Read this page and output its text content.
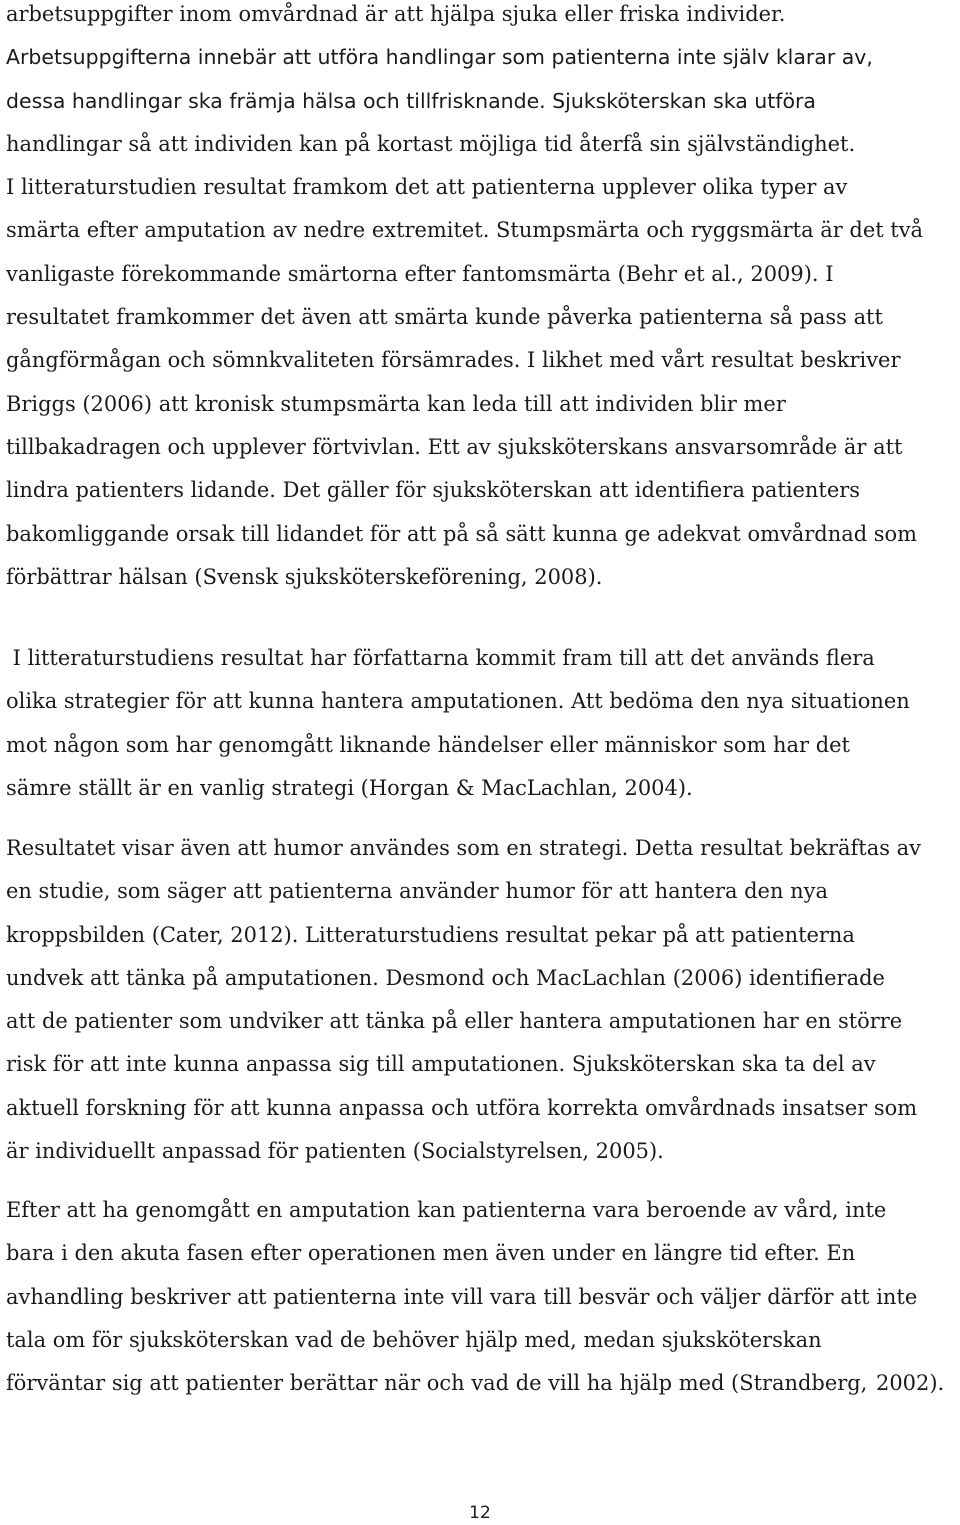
arbetsuppgifter inom omvårdnad är att hjälpa sjuka eller friska individer. Arbetsuppgifterna innebär att utföra handlingar som patienterna inte själv klarar av, dessa handlingar ska främja hälsa och tillfrisknande. Sjuksköterskan ska utföra handlingar så att individen kan på kortast möjliga tid återfå sin självständighet. I litteraturstudien resultat framkom det att patienterna upplever olika typer av smärta efter amputation av nedre extremitet. Stumpsmärta och ryggsmärta är det två vanligaste förekommande smärtorna efter fantomsmärta (Behr et al., 2009). I resultatet framkommer det även att smärta kunde påverka patienterna så pass att gångförmågan och sömnkvaliteten försämrades. I likhet med vårt resultat beskriver Briggs (2006) att kronisk stumpsmärta kan leda till att individen blir mer tillbakadragen och upplever förtvivlan. Ett av sjuksköterskans ansvarsområde är att lindra patienters lidande. Det gäller för sjuksköterskan att identifiera patienters bakomliggande orsak till lidandet för att på så sätt kunna ge adekvat omvårdnad som förbättrar hälsan (Svensk sjuksköterskeförening, 2008).
I litteraturstudiens resultat har författarna kommit fram till att det används flera olika strategier för att kunna hantera amputationen. Att bedöma den nya situationen mot någon som har genomgått liknande händelser eller människor som har det sämre ställt är en vanlig strategi (Horgan & MacLachlan, 2004).
Resultatet visar även att humor användes som en strategi. Detta resultat bekräftas av en studie, som säger att patienterna använder humor för att hantera den nya kroppsbilden (Cater, 2012). Litteraturstudiens resultat pekar på att patienterna undvek att tänka på amputationen. Desmond och MacLachlan (2006) identifierade att de patienter som undviker att tänka på eller hantera amputationen har en större risk för att inte kunna anpassa sig till amputationen. Sjuksköterskan ska ta del av aktuell forskning för att kunna anpassa och utföra korrekta omvårdnads insatser som är individuellt anpassad för patienten (Socialstyrelsen, 2005).
Efter att ha genomgått en amputation kan patienterna vara beroende av vård, inte bara i den akuta fasen efter operationen men även under en längre tid efter. En avhandling beskriver att patienterna inte vill vara till besvär och väljer därför att inte tala om för sjuksköterskan vad de behöver hjälp med, medan sjuksköterskan förväntar sig att patienter berättar när och vad de vill ha hjälp med (Strandberg, 2002).
12
